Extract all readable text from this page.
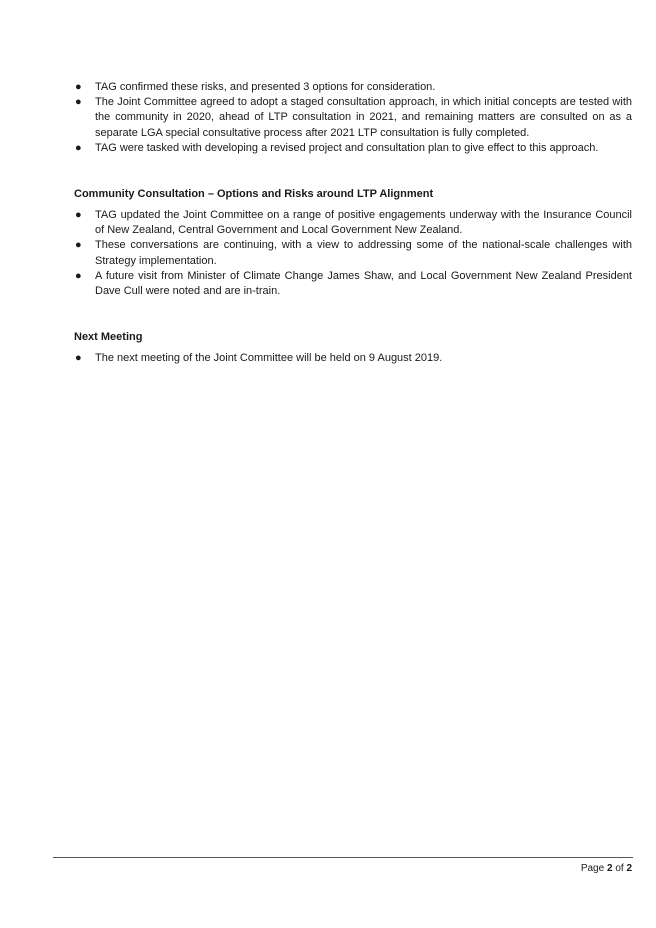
● TAG confirmed these risks, and presented 3 options for consideration.
● The Joint Committee agreed to adopt a staged consultation approach, in which initial concepts are tested with the community in 2020, ahead of LTP consultation in 2021, and remaining matters are consulted on as a separate LGA special consultative process after 2021 LTP consultation is fully completed.
● TAG were tasked with developing a revised project and consultation plan to give effect to this approach.
Community Consultation – Options and Risks around LTP Alignment
● TAG updated the Joint Committee on a range of positive engagements underway with the Insurance Council of New Zealand, Central Government and Local Government New Zealand.
● These conversations are continuing, with a view to addressing some of the national-scale challenges with Strategy implementation.
● A future visit from Minister of Climate Change James Shaw, and Local Government New Zealand President Dave Cull were noted and are in-train.
Next Meeting
● The next meeting of the Joint Committee will be held on 9 August 2019.
Page 2 of 2
